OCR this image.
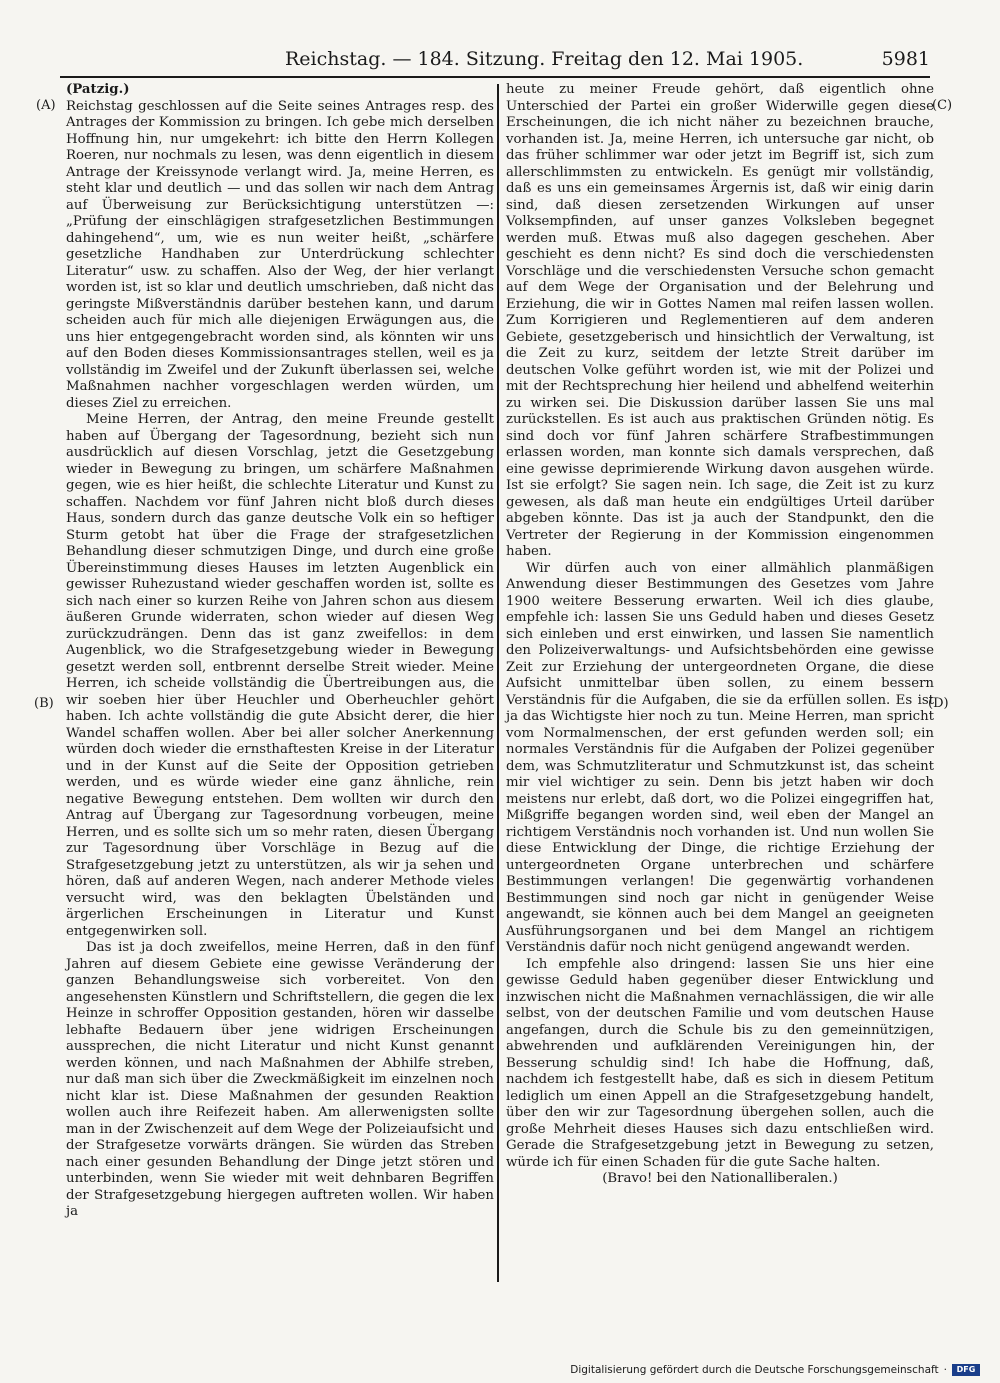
Reichstag. — 184. Sitzung. Freitag den 12. Mai 1905.	5981
(A)
(B)
(C)
(D)

(Patzig.)

Reichstag geschlossen auf die Seite seines Antrages resp. des Antrages der Kommission zu bringen. Ich gebe mich derselben Hoffnung hin, nur umgekehrt: ich bitte den Herrn Kollegen Roeren, nur nochmals zu lesen, was denn eigentlich in diesem Antrage der Kreissynode verlangt wird. Ja, meine Herren, es steht klar und deutlich — und das sollen wir nach dem Antrag auf Überweisung zur Berücksichtigung unterstützen —: „Prüfung der einschlägigen strafgesetzlichen Bestimmungen dahingehend“, um, wie es nun weiter heißt, „schärfere gesetzliche Handhaben zur Unterdrückung schlechter Literatur“ usw. zu schaffen. Also der Weg, der hier verlangt worden ist, ist so klar und deutlich umschrieben, daß nicht das geringste Mißverständnis darüber bestehen kann, und darum scheiden auch für mich alle diejenigen Erwägungen aus, die uns hier entgegengebracht worden sind, als könnten wir uns auf den Boden dieses Kommissionsantrages stellen, weil es ja vollständig im Zweifel und der Zukunft überlassen sei, welche Maßnahmen nachher vorgeschlagen werden würden, um dieses Ziel zu erreichen.

Meine Herren, der Antrag, den meine Freunde gestellt haben auf Übergang der Tagesordnung, bezieht sich nun ausdrücklich auf diesen Vorschlag, jetzt die Gesetzgebung wieder in Bewegung zu bringen, um schärfere Maßnahmen gegen, wie es hier heißt, die schlechte Literatur und Kunst zu schaffen. Nachdem vor fünf Jahren nicht bloß durch dieses Haus, sondern durch das ganze deutsche Volk ein so heftiger Sturm getobt hat über die Frage der strafgesetzlichen Behandlung dieser schmutzigen Dinge, und durch eine große Übereinstimmung dieses Hauses im letzten Augenblick ein gewisser Ruhezustand wieder geschaffen worden ist, sollte es sich nach einer so kurzen Reihe von Jahren schon aus diesem äußeren Grunde widerraten, schon wieder auf diesen Weg zurückzudrängen. Denn das ist ganz zweifellos: in dem Augenblick, wo die Strafgesetzgebung wieder in Bewegung gesetzt werden soll, entbrennt derselbe Streit wieder. Meine Herren, ich scheide vollständig die Übertreibungen aus, die wir soeben hier über Heuchler und Oberheuchler gehört haben. Ich achte vollständig die gute Absicht derer, die hier Wandel schaffen wollen. Aber bei aller solcher Anerkennung würden doch wieder die ernsthaftesten Kreise in der Literatur und in der Kunst auf die Seite der Opposition getrieben werden, und es würde wieder eine ganz ähnliche, rein negative Bewegung entstehen. Dem wollten wir durch den Antrag auf Übergang zur Tagesordnung vorbeugen, meine Herren, und es sollte sich um so mehr raten, diesen Übergang zur Tagesordnung über Vorschläge in Bezug auf die Strafgesetzgebung jetzt zu unterstützen, als wir ja sehen und hören, daß auf anderen Wegen, nach anderer Methode vieles versucht wird, was den beklagten Übelständen und ärgerlichen Erscheinungen in Literatur und Kunst entgegenwirken soll.

Das ist ja doch zweifellos, meine Herren, daß in den fünf Jahren auf diesem Gebiete eine gewisse Veränderung der ganzen Behandlungsweise sich vorbereitet. Von den angesehensten Künstlern und Schriftstellern, die gegen die lex Heinze in schroffer Opposition gestanden, hören wir dasselbe lebhafte Bedauern über jene widrigen Erscheinungen aussprechen, die nicht Literatur und nicht Kunst genannt werden können, und nach Maßnahmen der Abhilfe streben, nur daß man sich über die Zweckmäßigkeit im einzelnen noch nicht klar ist. Diese Maßnahmen der gesunden Reaktion wollen auch ihre Reifezeit haben. Am allerwenigsten sollte man in der Zwischenzeit auf dem Wege der Polizeiaufsicht und der Strafgesetze vorwärts drängen. Sie würden das Streben nach einer gesunden Behandlung der Dinge jetzt stören und unterbinden, wenn Sie wieder mit weit dehnbaren Begriffen der Strafgesetzgebung hiergegen auftreten wollen. Wir haben ja

heute zu meiner Freude gehört, daß eigentlich ohne Unterschied der Partei ein großer Widerwille gegen diese Erscheinungen, die ich nicht näher zu bezeichnen brauche, vorhanden ist. Ja, meine Herren, ich untersuche gar nicht, ob das früher schlimmer war oder jetzt im Begriff ist, sich zum allerschlimmsten zu entwickeln. Es genügt mir vollständig, daß es uns ein gemeinsames Ärgernis ist, daß wir einig darin sind, daß diesen zersetzenden Wirkungen auf unser Volksempfinden, auf unser ganzes Volksleben begegnet werden muß. Etwas muß also dagegen geschehen. Aber geschieht es denn nicht? Es sind doch die verschiedensten Vorschläge und die verschiedensten Versuche schon gemacht auf dem Wege der Organisation und der Belehrung und Erziehung, die wir in Gottes Namen mal reifen lassen wollen. Zum Korrigieren und Reglementieren auf dem anderen Gebiete, gesetzgeberisch und hinsichtlich der Verwaltung, ist die Zeit zu kurz, seitdem der letzte Streit darüber im deutschen Volke geführt worden ist, wie mit der Polizei und mit der Rechtsprechung hier heilend und abhelfend weiterhin zu wirken sei. Die Diskussion darüber lassen Sie uns mal zurückstellen. Es ist auch aus praktischen Gründen nötig. Es sind doch vor fünf Jahren schärfere Strafbestimmungen erlassen worden, man konnte sich damals versprechen, daß eine gewisse deprimierende Wirkung davon ausgehen würde. Ist sie erfolgt? Sie sagen nein. Ich sage, die Zeit ist zu kurz gewesen, als daß man heute ein endgültiges Urteil darüber abgeben könnte. Das ist ja auch der Standpunkt, den die Vertreter der Regierung in der Kommission eingenommen haben.

Wir dürfen auch von einer allmählich planmäßigen Anwendung dieser Bestimmungen des Gesetzes vom Jahre 1900 weitere Besserung erwarten. Weil ich dies glaube, empfehle ich: lassen Sie uns Geduld haben und dieses Gesetz sich einleben und erst einwirken, und lassen Sie namentlich den Polizeiverwaltungs- und Aufsichtsbehörden eine gewisse Zeit zur Erziehung der untergeordneten Organe, die diese Aufsicht unmittelbar üben sollen, zu einem bessern Verständnis für die Aufgaben, die sie da erfüllen sollen. Es ist ja das Wichtigste hier noch zu tun. Meine Herren, man spricht vom Normalmenschen, der erst gefunden werden soll; ein normales Verständnis für die Aufgaben der Polizei gegenüber dem, was Schmutzliteratur und Schmutzkunst ist, das scheint mir viel wichtiger zu sein. Denn bis jetzt haben wir doch meistens nur erlebt, daß dort, wo die Polizei eingegriffen hat, Mißgriffe begangen worden sind, weil eben der Mangel an richtigem Verständnis noch vorhanden ist. Und nun wollen Sie diese Entwicklung der Dinge, die richtige Erziehung der untergeordneten Organe unterbrechen und schärfere Bestimmungen verlangen! Die gegenwärtig vorhandenen Bestimmungen sind noch gar nicht in genügender Weise angewandt, sie können auch bei dem Mangel an geeigneten Ausführungsorganen und bei dem Mangel an richtigem Verständnis dafür noch nicht genügend angewandt werden.

Ich empfehle also dringend: lassen Sie uns hier eine gewisse Geduld haben gegenüber dieser Entwicklung und inzwischen nicht die Maßnahmen vernachlässigen, die wir alle selbst, von der deutschen Familie und vom deutschen Hause angefangen, durch die Schule bis zu den gemeinnützigen, abwehrenden und aufklärenden Vereinigungen hin, der Besserung schuldig sind! Ich habe die Hoffnung, daß, nachdem ich festgestellt habe, daß es sich in diesem Petitum lediglich um einen Appell an die Strafgesetzgebung handelt, über den wir zur Tagesordnung übergehen sollen, auch die große Mehrheit dieses Hauses sich dazu entschließen wird. Gerade die Strafgesetzgebung jetzt in Bewegung zu setzen, würde ich für einen Schaden für die gute Sache halten.

(Bravo! bei den Nationalliberalen.)

Digitalisierung gefördert durch die Deutsche Forschungsgemeinschaft ·	DFG
